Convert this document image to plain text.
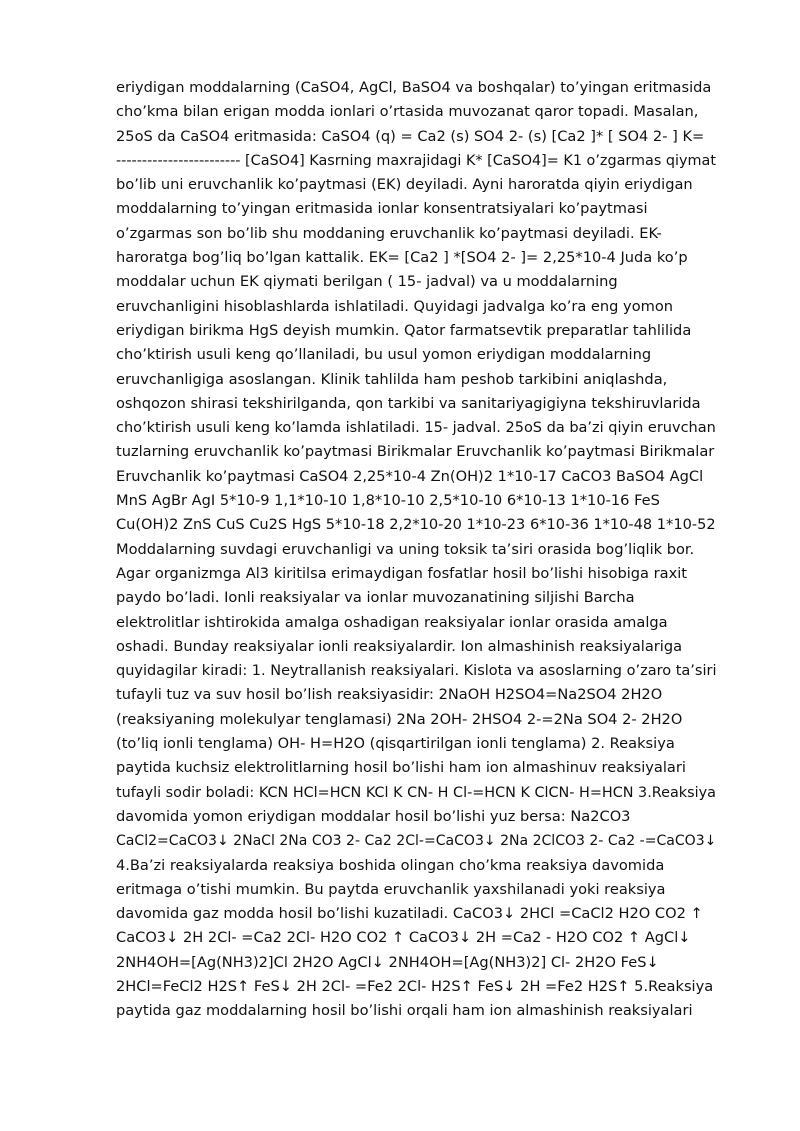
eriydigan moddalarning (CaSO4, AgCl, BaSO4 va boshqalar) to’yingan eritmasida
cho’kma bilan erigan modda ionlari o’rtasida muvozanat qaror topadi. Masalan,
25oS da CaSO4 eritmasida: CaSO4 (q) = Ca2 (s) SO4 2- (s) [Ca2 ]* [ SO4 2- ] K=
------------------------ [CaSO4] Kasrning maxrajidagi K* [CaSO4]= K1 o’zgarmas qiymat
bo’lib uni eruvchanlik ko’paytmasi (EK) deyiladi. Ayni haroratda qiyin eriydigan
moddalarning to’yingan eritmasida ionlar konsentratsiyalari ko’paytmasi
o’zgarmas son bo’lib shu moddaning eruvchanlik ko’paytmasi deyiladi. EK-
haroratga bog’liq bo’lgan kattalik. EK= [Ca2 ] *[SO4 2- ]= 2,25*10-4 Juda ko’p
moddalar uchun EK qiymati berilgan ( 15- jadval) va u moddalarning
eruvchanligini hisoblashlarda ishlatiladi. Quyidagi jadvalga ko’ra eng yomon
eriydigan birikma HgS deyish mumkin. Qator farmatsevtik preparatlar tahlilida
cho’ktirish usuli keng qo’llaniladi, bu usul yomon eriydigan moddalarning
eruvchanligiga asoslangan. Klinik tahlilda ham peshob tarkibini aniqlashda,
oshqozon shirasi tekshirilganda, qon tarkibi va sanitariyagigiyna tekshiruvlarida
cho’ktirish usuli keng ko’lamda ishlatiladi. 15- jadval. 25oS da ba’zi qiyin eruvchan
tuzlarning eruvchanlik ko’paytmasi Birikmalar Eruvchanlik ko’paytmasi Birikmalar
Eruvchanlik ko’paytmasi CaSO4 2,25*10-4 Zn(OH)2 1*10-17 CaCO3 BaSO4 AgCl
MnS AgBr AgI 5*10-9 1,1*10-10 1,8*10-10 2,5*10-10 6*10-13 1*10-16 FeS
Cu(OH)2 ZnS CuS Cu2S HgS 5*10-18 2,2*10-20 1*10-23 6*10-36 1*10-48 1*10-52
Moddalarning suvdagi eruvchanligi va uning toksik ta’siri orasida bog’liqlik bor.
Agar organizmga Al3 kiritilsa erimaydigan fosfatlar hosil bo’lishi hisobiga raxit
paydo bo’ladi. Ionli reaksiyalar va ionlar muvozanatining siljishi Barcha
elektrolitlar ishtirokida amalga oshadigan reaksiyalar ionlar orasida amalga
oshadi. Bunday reaksiyalar ionli reaksiyalardir. Ion almashinish reaksiyalariga
quyidagilar kiradi: 1. Neytrallanish reaksiyalari. Kislota va asoslarning o’zaro ta’siri
tufayli tuz va suv hosil bo’lish reaksiyasidir: 2NaOH H2SO4=Na2SO4 2H2O
(reaksiyaning molekulyar tenglamasi) 2Na 2OH- 2HSO4 2-=2Na SO4 2- 2H2O
(to’liq ionli tenglama) OH- H=H2O (qisqartirilgan ionli tenglama) 2. Reaksiya
paytida kuchsiz elektrolitlarning hosil bo’lishi ham ion almashinuv reaksiyalari
tufayli sodir boladi: KCN HCl=HCN KCl K CN- H Cl-=HCN K ClCN- H=HCN 3.Reaksiya
davomida yomon eriydigan moddalar hosil bo’lishi yuz bersa: Na2CO3
CaCl2=CaCO3↓ 2NaCl 2Na CO3 2- Ca2 2Cl-=CaCO3↓ 2Na 2ClCO3 2- Ca2 -=CaCO3↓
4.Ba’zi reaksiyalarda reaksiya boshida olingan cho’kma reaksiya davomida
eritmaga o’tishi mumkin. Bu paytda eruvchanlik yaxshilanadi yoki reaksiya
davomida gaz modda hosil bo’lishi kuzatiladi. CaCO3↓ 2HCl =CaCl2 H2O CO2 ↑
CaCO3↓ 2H 2Cl- =Ca2 2Cl- H2O CO2 ↑ CaCO3↓ 2H =Ca2 - H2O CO2 ↑ AgCl↓
2NH4OH=[Ag(NH3)2]Cl 2H2O AgCl↓ 2NH4OH=[Ag(NH3)2] Cl- 2H2O FeS↓
2HCl=FeCl2 H2S↑ FeS↓ 2H 2Cl- =Fe2 2Cl- H2S↑ FeS↓ 2H =Fe2 H2S↑ 5.Reaksiya
paytida gaz moddalarning hosil bo’lishi orqali ham ion almashinish reaksiyalari
